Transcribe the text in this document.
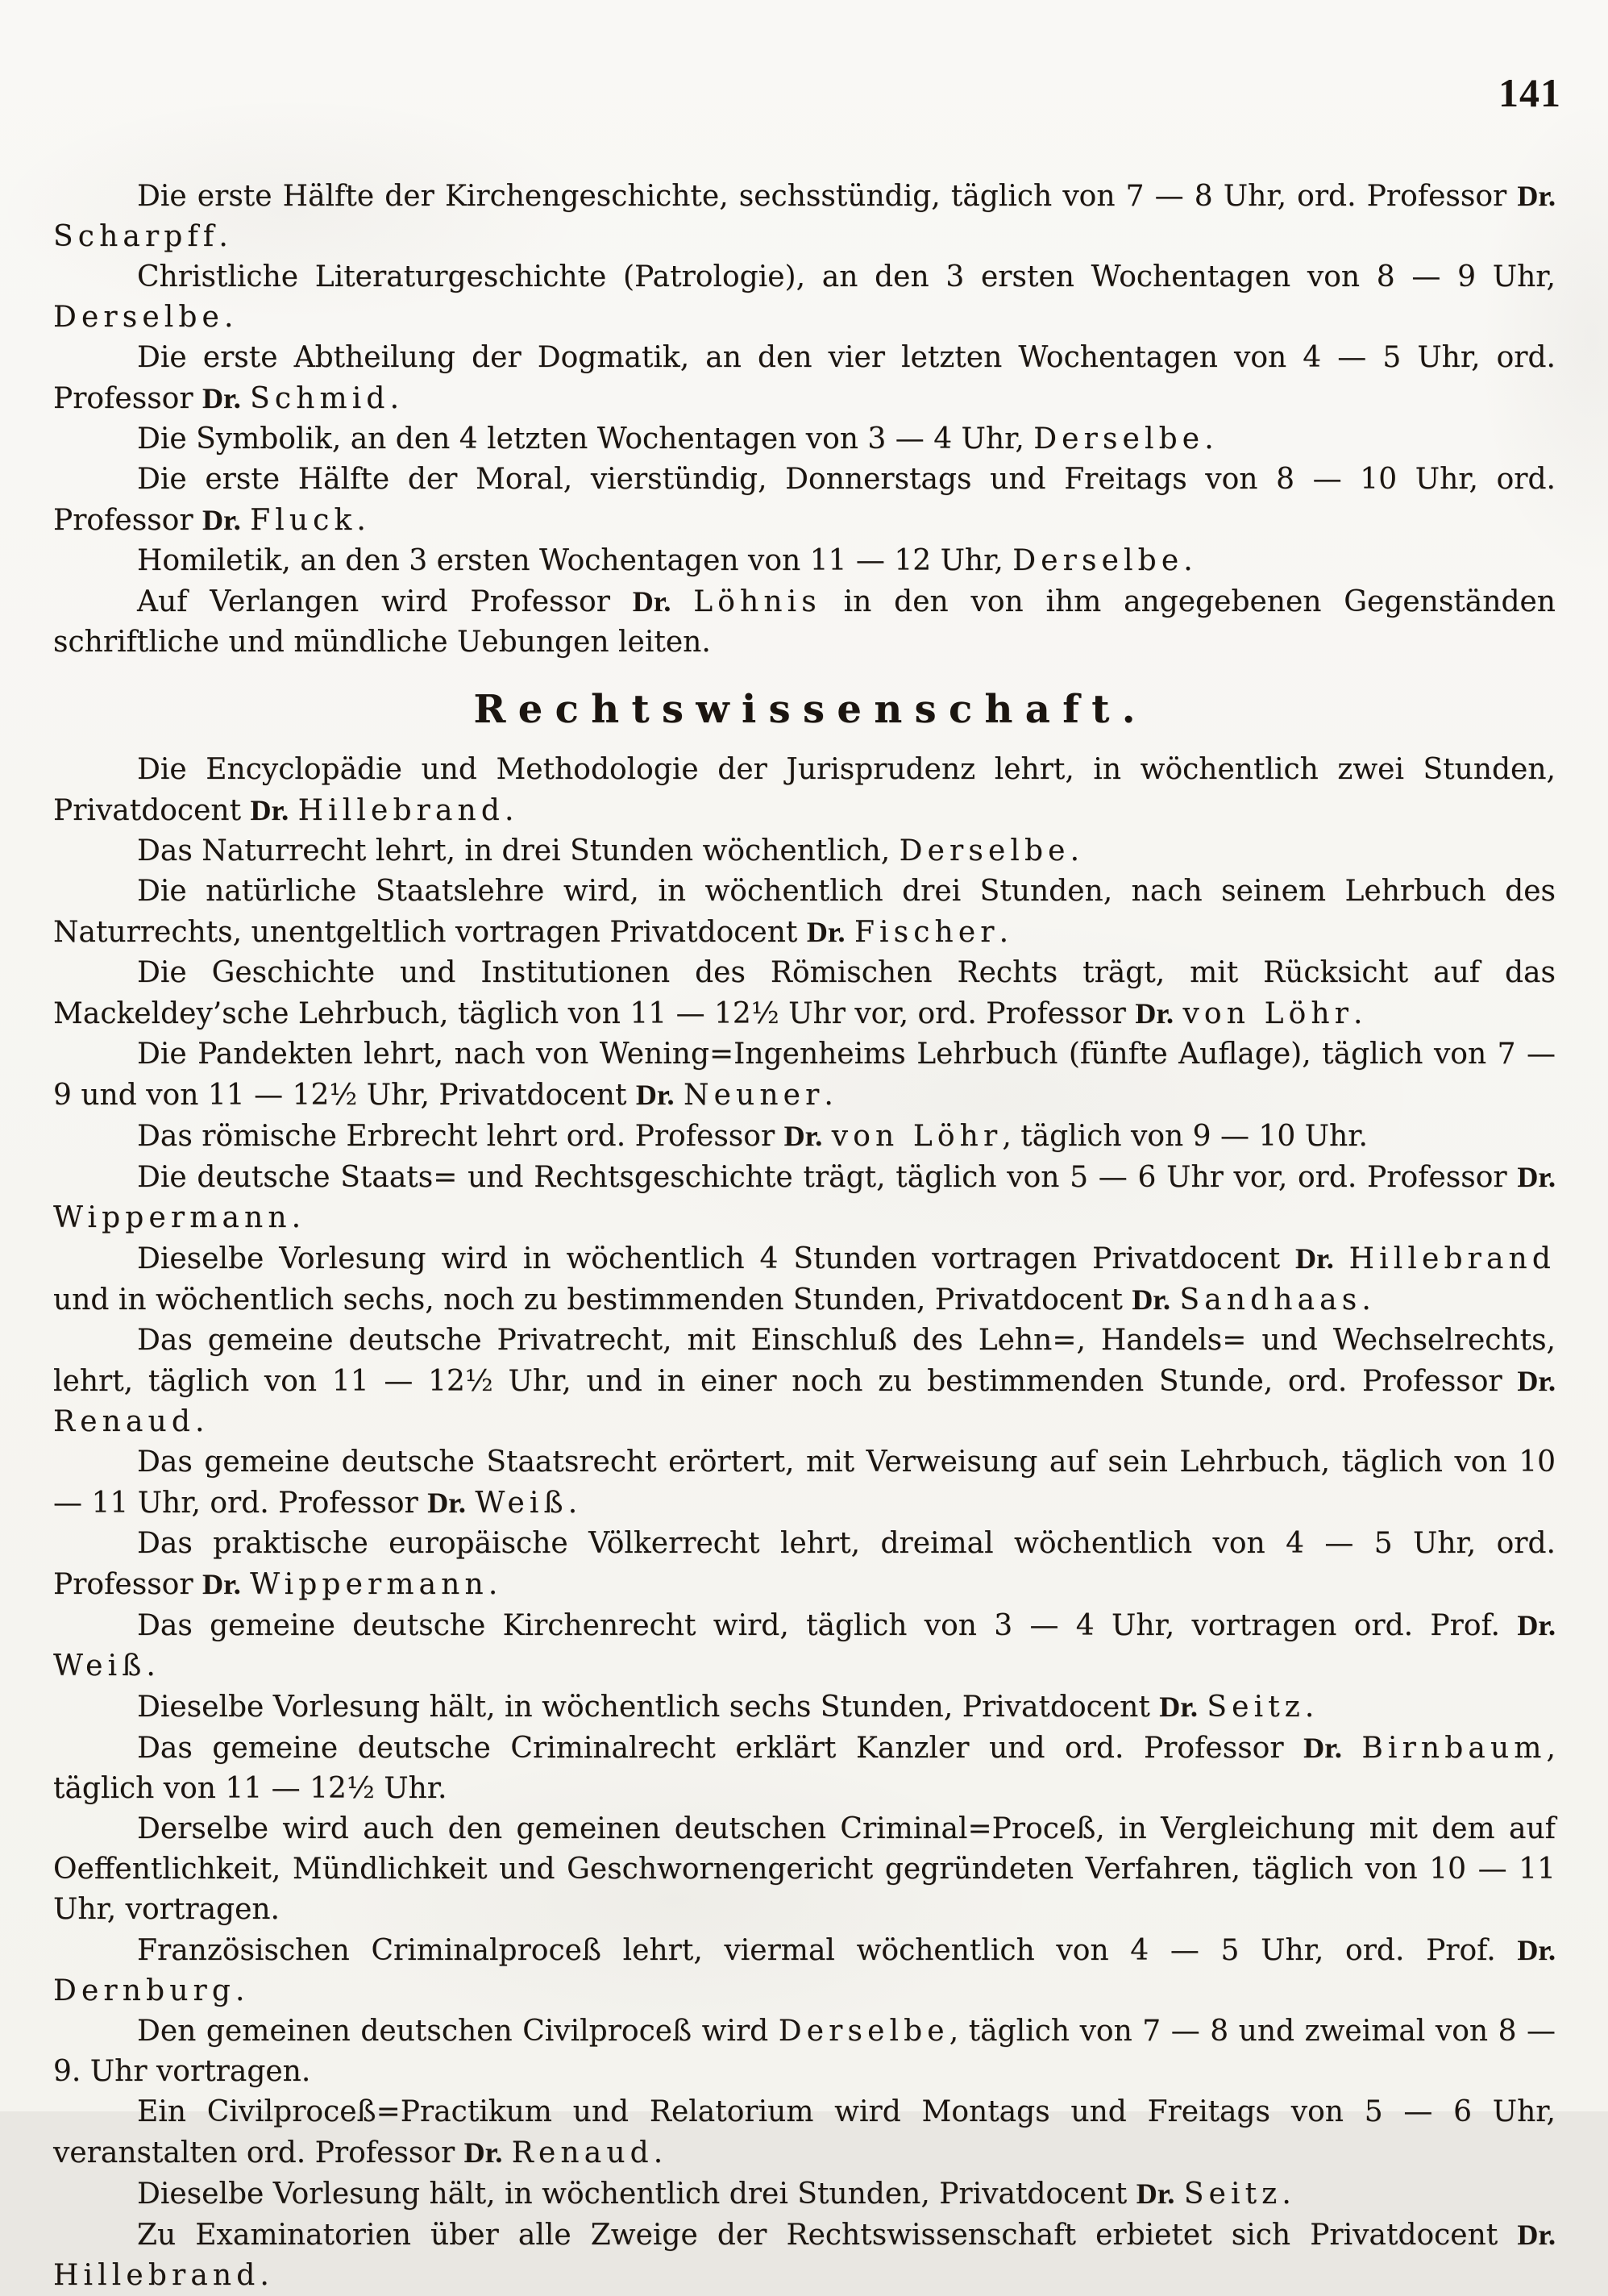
141

Die erste Hälfte der Kirchengeschichte, sechsstündig, täglich von 7 — 8 Uhr, ord. Professor Dr. Scharpff.

Christliche Literaturgeschichte (Patrologie), an den 3 ersten Wochentagen von 8 — 9 Uhr, Derselbe.

Die erste Abtheilung der Dogmatik, an den vier letzten Wochentagen von 4 — 5 Uhr, ord. Professor Dr. Schmid.

Die Symbolik, an den 4 letzten Wochentagen von 3 — 4 Uhr, Derselbe.

Die erste Hälfte der Moral, vierstündig, Donnerstags und Freitags von 8 — 10 Uhr, ord. Professor Dr. Fluck.

Homiletik, an den 3 ersten Wochentagen von 11 — 12 Uhr, Derselbe.

Auf Verlangen wird Professor Dr. Löhnis in den von ihm angegebenen Gegenständen schriftliche und mündliche Uebungen leiten.

Rechtswissenschaft.

Die Encyclopädie und Methodologie der Jurisprudenz lehrt, in wöchentlich zwei Stunden, Privatdocent Dr. Hillebrand.

Das Naturrecht lehrt, in drei Stunden wöchentlich, Derselbe.

Die natürliche Staatslehre wird, in wöchentlich drei Stunden, nach seinem Lehrbuch des Naturrechts, unentgeltlich vortragen Privatdocent Dr. Fischer.

Die Geschichte und Institutionen des Römischen Rechts trägt, mit Rücksicht auf das Mackeldey’sche Lehrbuch, täglich von 11 — 12½ Uhr vor, ord. Professor Dr. von Löhr.

Die Pandekten lehrt, nach von Wening=Ingenheims Lehrbuch (fünfte Auflage), täglich von 7 — 9 und von 11 — 12½ Uhr, Privatdocent Dr. Neuner.

Das römische Erbrecht lehrt ord. Professor Dr. von Löhr, täglich von 9 — 10 Uhr.

Die deutsche Staats= und Rechtsgeschichte trägt, täglich von 5 — 6 Uhr vor, ord. Professor Dr. Wippermann.

Dieselbe Vorlesung wird in wöchentlich 4 Stunden vortragen Privatdocent Dr. Hillebrand und in wöchentlich sechs, noch zu bestimmenden Stunden, Privatdocent Dr. Sandhaas.

Das gemeine deutsche Privatrecht, mit Einschluß des Lehn=, Handels= und Wechselrechts, lehrt, täglich von 11 — 12½ Uhr, und in einer noch zu bestimmenden Stunde, ord. Professor Dr. Renaud.

Das gemeine deutsche Staatsrecht erörtert, mit Verweisung auf sein Lehrbuch, täglich von 10 — 11 Uhr, ord. Professor Dr. Weiß.

Das praktische europäische Völkerrecht lehrt, dreimal wöchentlich von 4 — 5 Uhr, ord. Professor Dr. Wippermann.

Das gemeine deutsche Kirchenrecht wird, täglich von 3 — 4 Uhr, vortragen ord. Prof. Dr. Weiß.

Dieselbe Vorlesung hält, in wöchentlich sechs Stunden, Privatdocent Dr. Seitz.

Das gemeine deutsche Criminalrecht erklärt Kanzler und ord. Professor Dr. Birnbaum, täglich von 11 — 12½ Uhr.

Derselbe wird auch den gemeinen deutschen Criminal=Proceß, in Vergleichung mit dem auf Oeffentlichkeit, Mündlichkeit und Geschwornengericht gegründeten Verfahren, täglich von 10 — 11 Uhr, vortragen.

Französischen Criminalproceß lehrt, viermal wöchentlich von 4 — 5 Uhr, ord. Prof. Dr. Dernburg.

Den gemeinen deutschen Civilproceß wird Derselbe, täglich von 7 — 8 und zweimal von 8 — 9. Uhr vortragen.

Ein Civilproceß=Practikum und Relatorium wird Montags und Freitags von 5 — 6 Uhr, veranstalten ord. Professor Dr. Renaud.

Dieselbe Vorlesung hält, in wöchentlich drei Stunden, Privatdocent Dr. Seitz.

Zu Examinatorien über alle Zweige der Rechtswissenschaft erbietet sich Privatdocent Dr. Hillebrand.
